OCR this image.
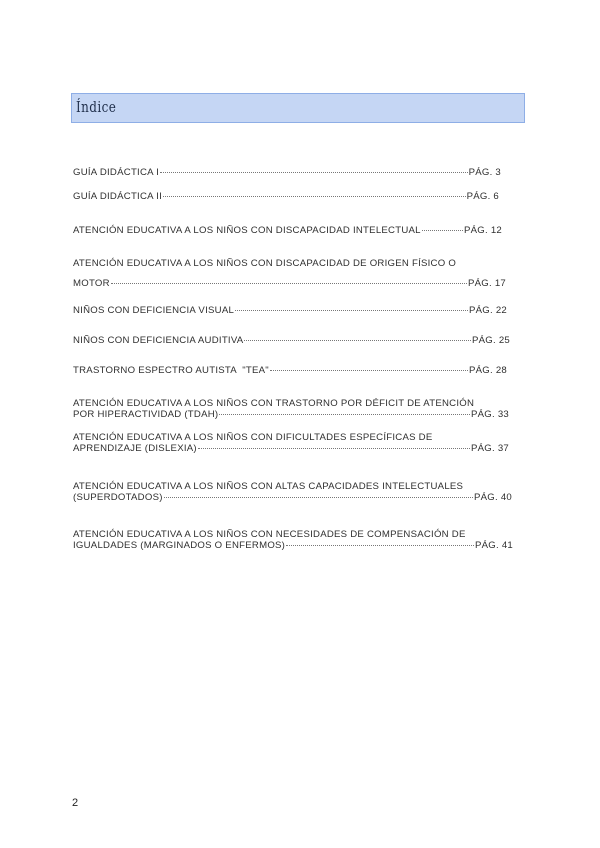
Índice
GUÍA DIDÁCTICA I	PÁG. 3
GUÍA DIDÁCTICA II	PÁG. 6
ATENCIÓN EDUCATIVA A LOS NIÑOS CON DISCAPACIDAD INTELECTUAL	PÁG. 12
ATENCIÓN EDUCATIVA A LOS NIÑOS CON DISCAPACIDAD DE ORIGEN FÍSICO O
MOTOR	PÁG. 17
NIÑOS CON DEFICIENCIA VISUAL	PÁG. 22
NIÑOS CON DEFICIENCIA AUDITIVA	PÁG. 25
TRASTORNO ESPECTRO AUTISTA  "TEA"	PÁG. 28
ATENCIÓN EDUCATIVA A LOS NIÑOS CON TRASTORNO POR DÉFICIT DE ATENCIÓN
POR HIPERACTIVIDAD (TDAH)	PÁG. 33
ATENCIÓN EDUCATIVA A LOS NIÑOS CON DIFICULTADES ESPECÍFICAS DE
APRENDIZAJE (DISLEXIA)	PÁG. 37
ATENCIÓN EDUCATIVA A LOS NIÑOS CON ALTAS CAPACIDADES INTELECTUALES
(SUPERDOTADOS)	PÁG. 40
ATENCIÓN EDUCATIVA A LOS NIÑOS CON NECESIDADES DE COMPENSACIÓN DE
IGUALDADES (MARGINADOS O ENFERMOS)	PÁG. 41
2
